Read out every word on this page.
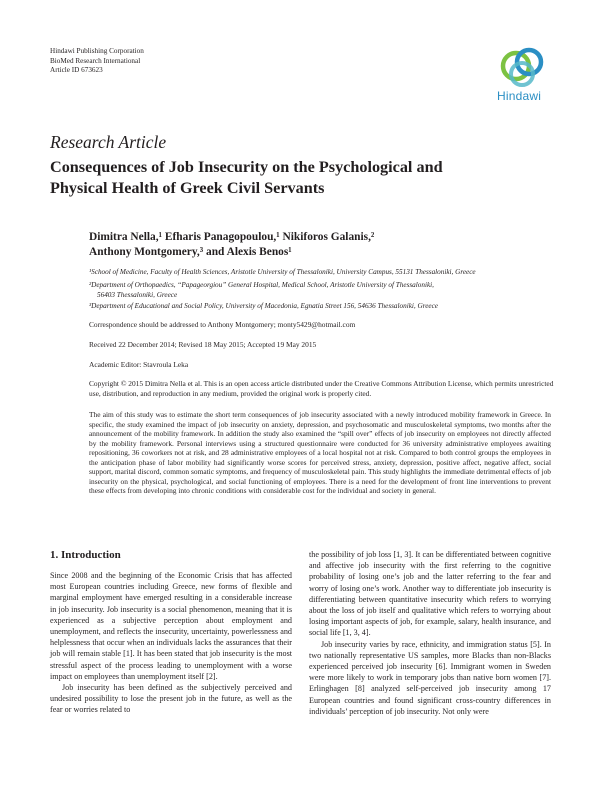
Hindawi Publishing Corporation
BioMed Research International
Article ID 673623
Hindawi
Research Article
Consequences of Job Insecurity on the Psychological and
Physical Health of Greek Civil Servants
Dimitra Nella,¹ Efharis Panagopoulou,¹ Nikiforos Galanis,²
Anthony Montgomery,³ and Alexis Benos¹
¹School of Medicine, Faculty of Health Sciences, Aristotle University of Thessaloniki, University Campus, 55131 Thessaloniki, Greece
²Department of Orthopaedics, “Papageorgiou” General Hospital, Medical School, Aristotle University of Thessaloniki,
56403 Thessaloniki, Greece
³Department of Educational and Social Policy, University of Macedonia, Egnatia Street 156, 54636 Thessaloniki, Greece
Correspondence should be addressed to Anthony Montgomery; monty5429@hotmail.com
Received 22 December 2014; Revised 18 May 2015; Accepted 19 May 2015
Academic Editor: Stavroula Leka
Copyright © 2015 Dimitra Nella et al. This is an open access article distributed under the Creative Commons Attribution License, which permits unrestricted use, distribution, and reproduction in any medium, provided the original work is properly cited.
The aim of this study was to estimate the short term consequences of job insecurity associated with a newly introduced mobility framework in Greece. In specific, the study examined the impact of job insecurity on anxiety, depression, and psychosomatic and musculoskeletal symptoms, two months after the announcement of the mobility framework. In addition the study also examined the “spill over” effects of job insecurity on employees not directly affected by the mobility framework. Personal interviews using a structured questionnaire were conducted for 36 university administrative employees awaiting repositioning, 36 coworkers not at risk, and 28 administrative employees of a local hospital not at risk. Compared to both control groups the employees in the anticipation phase of labor mobility had significantly worse scores for perceived stress, anxiety, depression, positive affect, negative affect, social support, marital discord, common somatic symptoms, and frequency of musculoskeletal pain. This study highlights the immediate detrimental effects of job insecurity on the physical, psychological, and social functioning of employees. There is a need for the development of front line interventions to prevent these effects from developing into chronic conditions with considerable cost for the individual and society in general.
1. Introduction

Since 2008 and the beginning of the Economic Crisis that has affected most European countries including Greece, new forms of flexible and marginal employment have emerged resulting in a considerable increase in job insecurity. Job insecurity is a social phenomenon, meaning that it is experienced as a subjective perception about employment and unemployment, and reflects the insecurity, uncertainty, powerlessness and helplessness that occur when an individuals lacks the assurances that their job will remain stable [1]. It has been stated that job insecurity is the most stressful aspect of the process leading to unemployment with a worse impact on employees than unemployment itself [2].

Job insecurity has been defined as the subjectively perceived and undesired possibility to lose the present job in the future, as well as the fear or worries related to

the possibility of job loss [1, 3]. It can be differentiated between cognitive and affective job insecurity with the first referring to the cognitive probability of losing one’s job and the latter referring to the fear and worry of losing one’s work. Another way to differentiate job insecurity is differentiating between quantitative insecurity which refers to worrying about the loss of job itself and qualitative which refers to worrying about losing important aspects of job, for example, salary, health insurance, and social life [1, 3, 4].

Job insecurity varies by race, ethnicity, and immigration status [5]. In two nationally representative US samples, more Blacks than non-Blacks experienced perceived job insecurity [6]. Immigrant women in Sweden were more likely to work in temporary jobs than native born women [7]. Erlinghagen [8] analyzed self-perceived job insecurity among 17 European countries and found significant cross-country differences in individuals’ perception of job insecurity. Not only were
